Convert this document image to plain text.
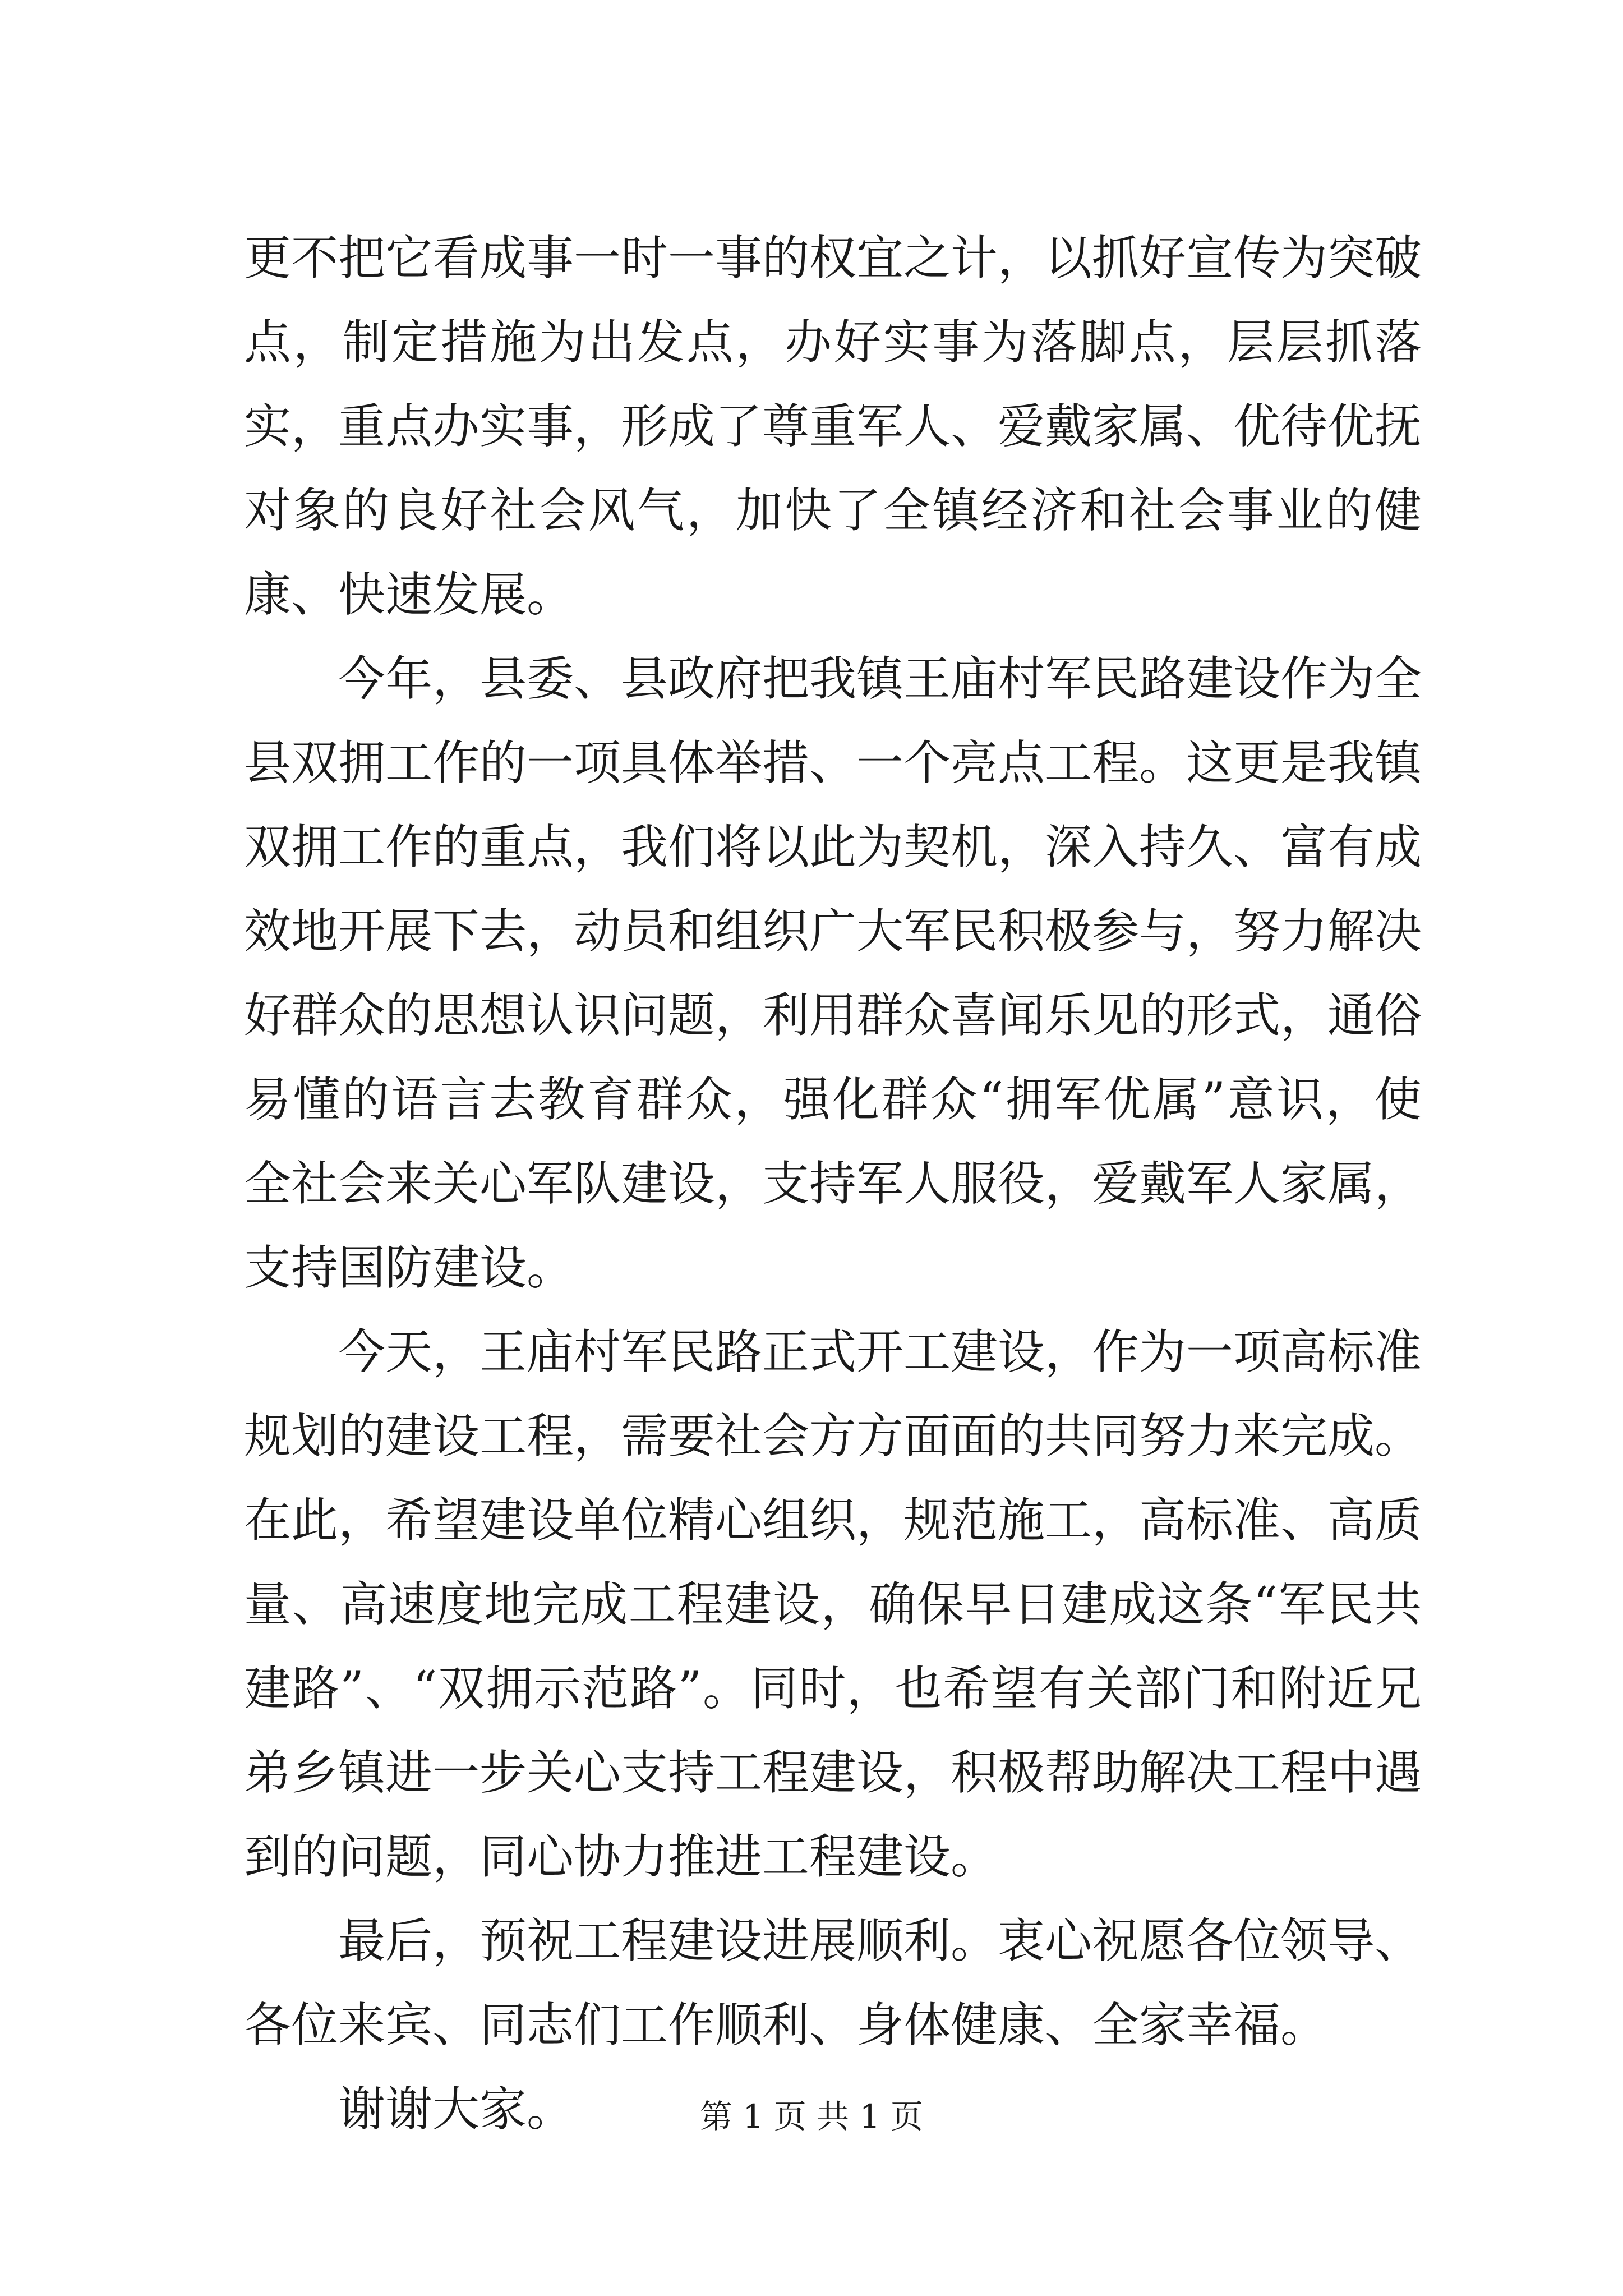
更不把它看成事一时一事的权宜之计，以抓好宣传为突破点，制定措施为出发点，办好实事为落脚点，层层抓落实，重点办实事，形成了尊重军人、爱戴家属、优待优抚对象的良好社会风气，加快了全镇经济和社会事业的健康、快速发展。

今年，县委、县政府把我镇王庙村军民路建设作为全县双拥工作的一项具体举措、一个亮点工程。这更是我镇双拥工作的重点，我们将以此为契机，深入持久、富有成效地开展下去，动员和组织广大军民积极参与，努力解决好群众的思想认识问题，利用群众喜闻乐见的形式，通俗易懂的语言去教育群众，强化群众“拥军优属”意识，使全社会来关心军队建设，支持军人服役，爱戴军人家属，支持国防建设。

今天，王庙村军民路正式开工建设，作为一项高标准规划的建设工程，需要社会方方面面的共同努力来完成。在此，希望建设单位精心组织，规范施工，高标准、高质量、高速度地完成工程建设，确保早日建成这条“军民共建路”、“双拥示范路”。同时，也希望有关部门和附近兄弟乡镇进一步关心支持工程建设，积极帮助解决工程中遇到的问题，同心协力推进工程建设。

最后，预祝工程建设进展顺利。衷心祝愿各位领导、各位来宾、同志们工作顺利、身体健康、全家幸福。

谢谢大家。	第 1 页 共 1 页
